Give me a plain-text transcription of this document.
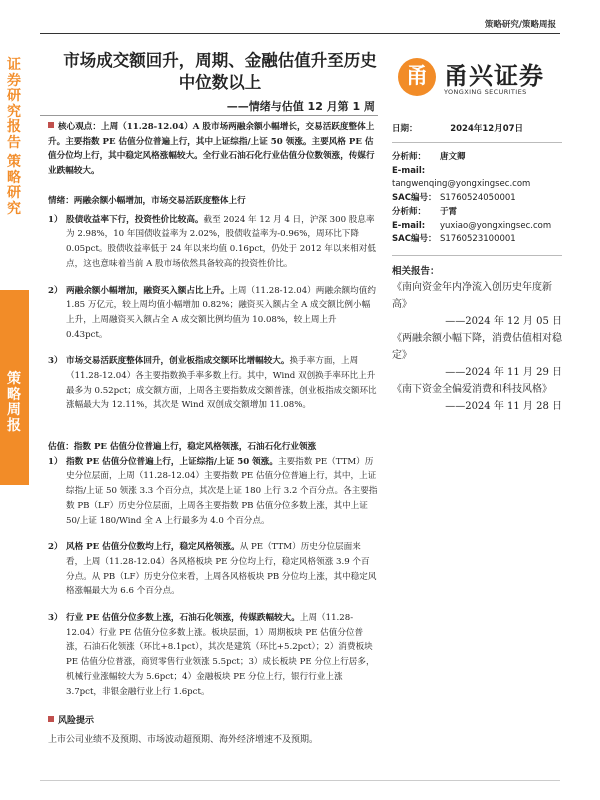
证券研究报告
策略研究
策略周报
策略研究/策略周报
市场成交额回升，周期、金融估值升至历史中位数以上
——情绪与估值 12 月第 1 周
甬 甬兴证券
YONGXING SECURITIES

核心观点：上周（11.28-12.04）A 股市场两融余额小幅增长，交易活跃度整体上升。主要指数 PE 估值分位普遍上行，其中上证综指/上证 50 领涨。主要风格 PE 估值分位均上行，其中稳定风格涨幅较大。全行业石油石化行业估值分位数领涨，传媒行业跌幅较大。

情绪：两融余额小幅增加，市场交易活跃度整体上行

1） 股债收益率下行，投资性价比较高。截至 2024 年 12 月 4 日，沪深 300 股息率为 2.98%，10 年国债收益率为 2.02%，股债收益率为-0.96%，周环比下降 0.05pct。股债收益率低于 24 年以来均值 0.16pct，仍处于 2012 年以来相对低点，这也意味着当前 A 股市场依然具备较高的投资性价比。
2） 两融余额小幅增加，融资买入额占比上升。上周（11.28-12.04）两融余额均值约 1.85 万亿元，较上周均值小幅增加 0.82%；融资买入额占全 A 成交额比例小幅上升，上周融资买入额占全 A 成交额比例均值为 10.08%，较上周上升 0.43pct。
3） 市场交易活跃度整体回升，创业板指成交额环比增幅较大。换手率方面，上周（11.28-12.04）各主要指数换手率多数上行。其中，Wind 双创换手率环比上升最多为 0.52pct；成交额方面，上周各主要指数成交额普涨，创业板指成交额环比涨幅最大为 12.11%，其次是 Wind 双创成交额增加 11.08%。

估值：指数 PE 估值分位普遍上行，稳定风格领涨，石油石化行业领涨

1） 指数 PE 估值分位普遍上行，上证综指/上证 50 领涨。主要指数 PE（TTM）历史分位层面，上周（11.28-12.04）主要指数 PE 估值分位普遍上行，其中，上证综指/上证 50 领涨 3.3 个百分点，其次是上证 180 上行 3.2 个百分点。各主要指数 PB（LF）历史分位层面，上周各主要指数 PB 估值分位多数上涨，其中上证 50/上证 180/Wind 全 A 上行最多为 4.0 个百分点。
2） 风格 PE 估值分位数均上行，稳定风格领涨。从 PE（TTM）历史分位层面来看，上周（11.28-12.04）各风格板块 PE 分位均上行，稳定风格领涨 3.9 个百分点。从 PB（LF）历史分位来看，上周各风格板块 PB 分位均上涨，其中稳定风格涨幅最大为 6.6 个百分点。
3） 行业 PE 估值分位多数上涨，石油石化领涨，传媒跌幅较大。上周（11.28-12.04）行业 PE 估值分位多数上涨。板块层面，1）周期板块 PE 估值分位普涨，石油石化领涨（环比+8.1pct），其次是建筑（环比+5.2pct）；2）消费板块 PE 估值分位普涨，商贸零售行业领涨 5.5pct；3）成长板块 PE 分位上行居多，机械行业涨幅较大为 5.6pct；4）金融板块 PE 分位上行，银行行业上涨 3.7pct，非银金融行业上行 1.6pct。
风险提示
上市公司业绩不及预期、市场波动超预期、海外经济增速不及预期。
日期：	2024年12月07日
分析师： 唐文卿
E-mail:tangwenqing@yongxingsec.com
SAC编号： S1760524050001
分析师： 于霄
E-mail: yuxiao@yongxingsec.com
SAC编号： S1760523100001
相关报告：
《南向资金年内净流入创历史年度新高》
——2024 年 12 月 05 日
《两融余额小幅下降，消费估值相对稳定》
——2024 年 11 月 29 日
《南下资金全偏爱消费和科技风格》
——2024 年 11 月 28 日
